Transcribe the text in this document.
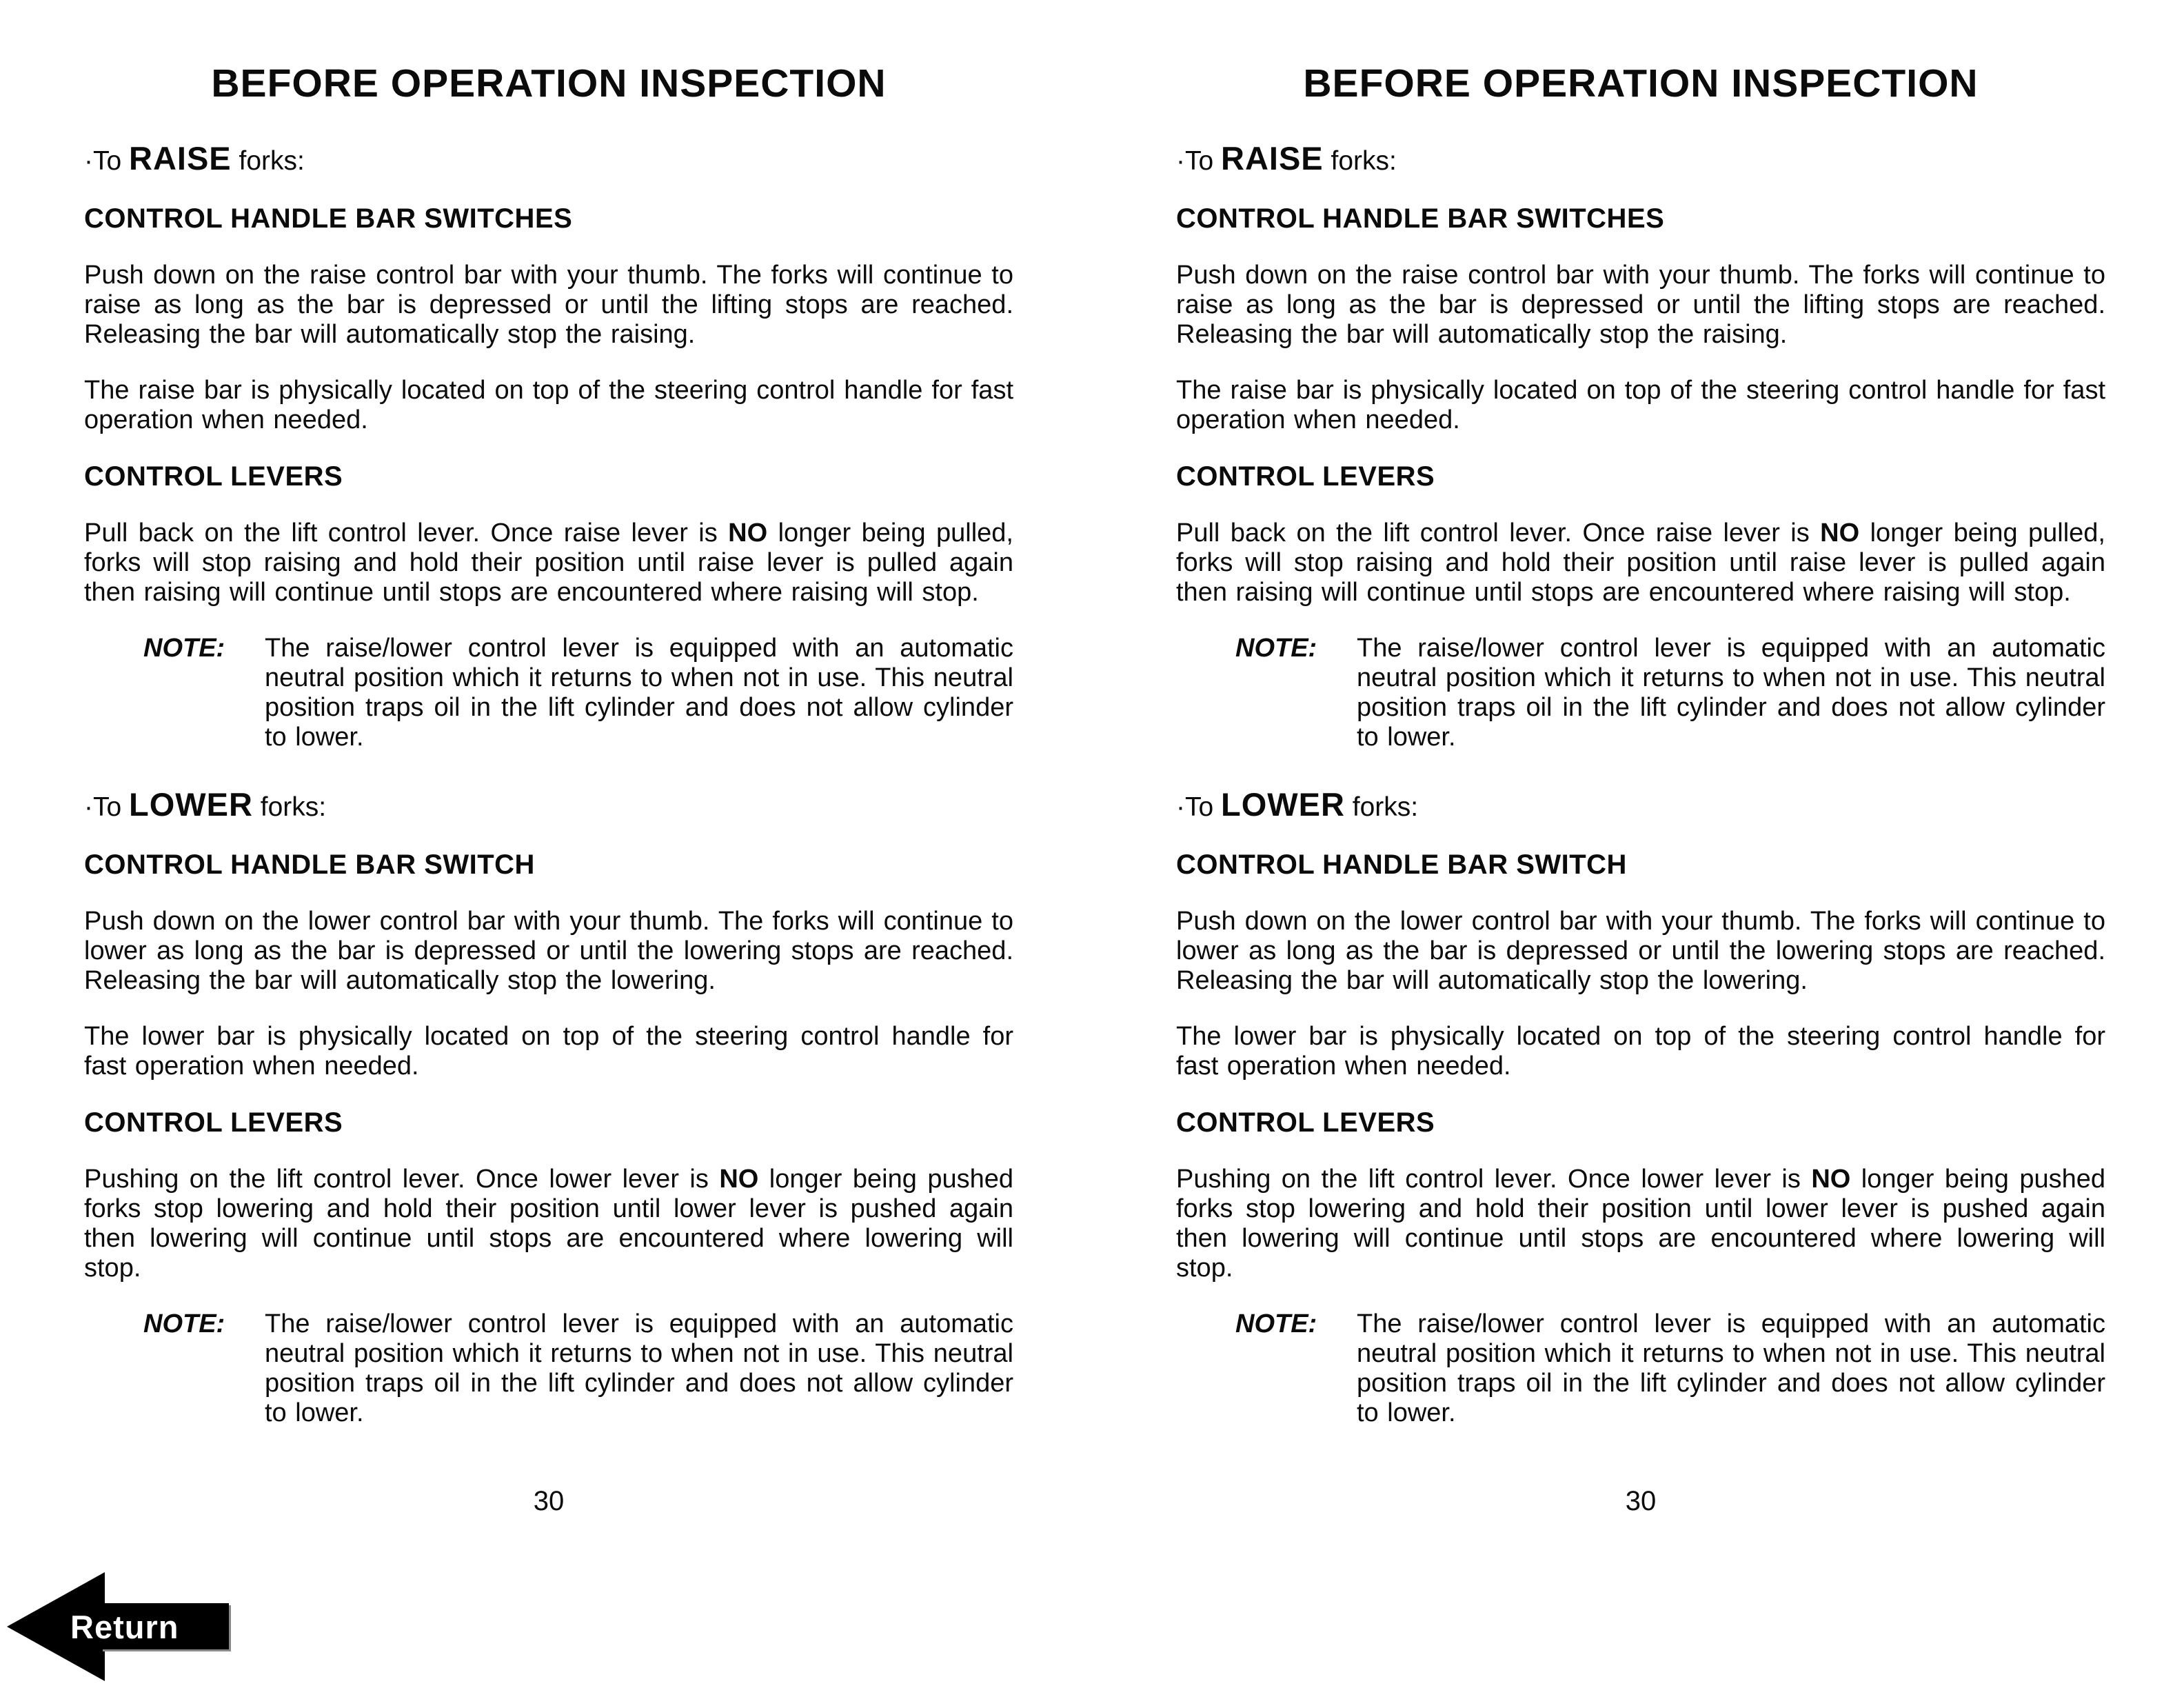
BEFORE OPERATION INSPECTION
·To RAISE forks:
CONTROL HANDLE BAR SWITCHES
Push down on the raise control bar with your thumb. The forks will continue to raise as long as the bar is depressed or until the lifting stops are reached. Releasing the bar will automatically stop the raising.
The raise bar is physically located on top of the steering control handle for fast operation when needed.
CONTROL LEVERS
Pull back on the lift control lever. Once raise lever is NO longer being pulled, forks will stop raising and hold their position until raise lever is pulled again then raising will continue until stops are encountered where raising will stop.
NOTE:	The raise/lower control lever is equipped with an automatic neutral position which it returns to when not in use. This neutral position traps oil in the lift cylinder and does not allow cylinder to lower.
·To LOWER forks:
CONTROL HANDLE BAR SWITCH
Push down on the lower control bar with your thumb. The forks will continue to lower as long as the bar is depressed or until the lowering stops are reached. Releasing the bar will automatically stop the lowering.
The lower bar is physically located on top of the steering control handle for fast operation when needed.
CONTROL LEVERS
Pushing on the lift control lever. Once lower lever is NO longer being pushed forks stop lowering and hold their position until lower lever is pushed again then lowering will continue until stops are encountered where lowering will stop.
NOTE:	The raise/lower control lever is equipped with an automatic neutral position which it returns to when not in use. This neutral position traps oil in the lift cylinder and does not allow cylinder to lower.
30
BEFORE OPERATION INSPECTION
·To RAISE forks:
CONTROL HANDLE BAR SWITCHES
Push down on the raise control bar with your thumb. The forks will continue to raise as long as the bar is depressed or until the lifting stops are reached. Releasing the bar will automatically stop the raising.
The raise bar is physically located on top of the steering control handle for fast operation when needed.
CONTROL LEVERS
Pull back on the lift control lever. Once raise lever is NO longer being pulled, forks will stop raising and hold their position until raise lever is pulled again then raising will continue until stops are encountered where raising will stop.
NOTE:	The raise/lower control lever is equipped with an automatic neutral position which it returns to when not in use. This neutral position traps oil in the lift cylinder and does not allow cylinder to lower.
·To LOWER forks:
CONTROL HANDLE BAR SWITCH
Push down on the lower control bar with your thumb. The forks will continue to lower as long as the bar is depressed or until the lowering stops are reached. Releasing the bar will automatically stop the lowering.
The lower bar is physically located on top of the steering control handle for fast operation when needed.
CONTROL LEVERS
Pushing on the lift control lever. Once lower lever is NO longer being pushed forks stop lowering and hold their position until lower lever is pushed again then lowering will continue until stops are encountered where lowering will stop.
NOTE:	The raise/lower control lever is equipped with an automatic neutral position which it returns to when not in use. This neutral position traps oil in the lift cylinder and does not allow cylinder to lower.
30
Return
